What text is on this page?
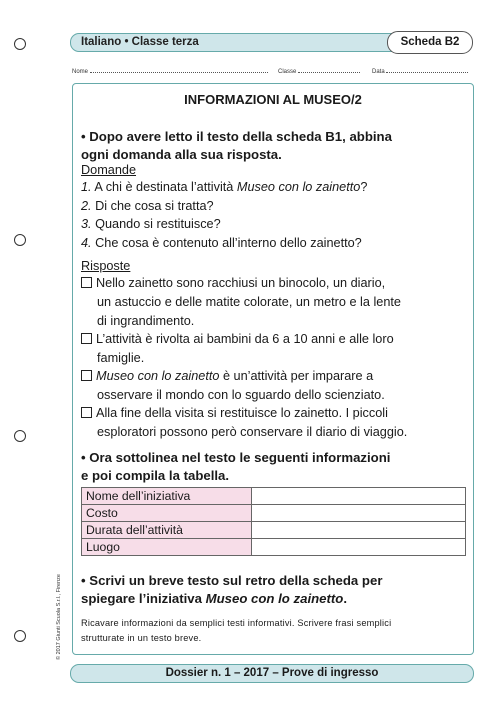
Italiano • Classe terza	Scheda B2
Nome	Classe	Data
INFORMAZIONI AL MUSEO/2
• Dopo avere letto il testo della scheda B1, abbina
ogni domanda alla sua risposta.
Domande
1. A chi è destinata l’attività Museo con lo zainetto?
2. Di che cosa si tratta?
3. Quando si restituisce?
4. Che cosa è contenuto all’interno dello zainetto?
Risposte
Nello zainetto sono racchiusi un binocolo, un diario,
un astuccio e delle matite colorate, un metro e la lente
di ingrandimento.
L’attività è rivolta ai bambini da 6 a 10 anni e alle loro
famiglie.
Museo con lo zainetto è un’attività per imparare a
osservare il mondo con lo sguardo dello scienziato.
Alla fine della visita si restituisce lo zainetto. I piccoli
esploratori possono però conservare il diario di viaggio.
• Ora sottolinea nel testo le seguenti informazioni
e poi compila la tabella.
Nome dell’iniziativa	
Costo	
Durata dell’attività	
Luogo	
• Scrivi un breve testo sul retro della scheda per
spiegare l’iniziativa Museo con lo zainetto.
Ricavare informazioni da semplici testi informativi. Scrivere frasi semplici
strutturate in un testo breve.
© 2017 Giunti Scuola S.r.l., Firenze
Dossier n. 1 – 2017 – Prove di ingresso
